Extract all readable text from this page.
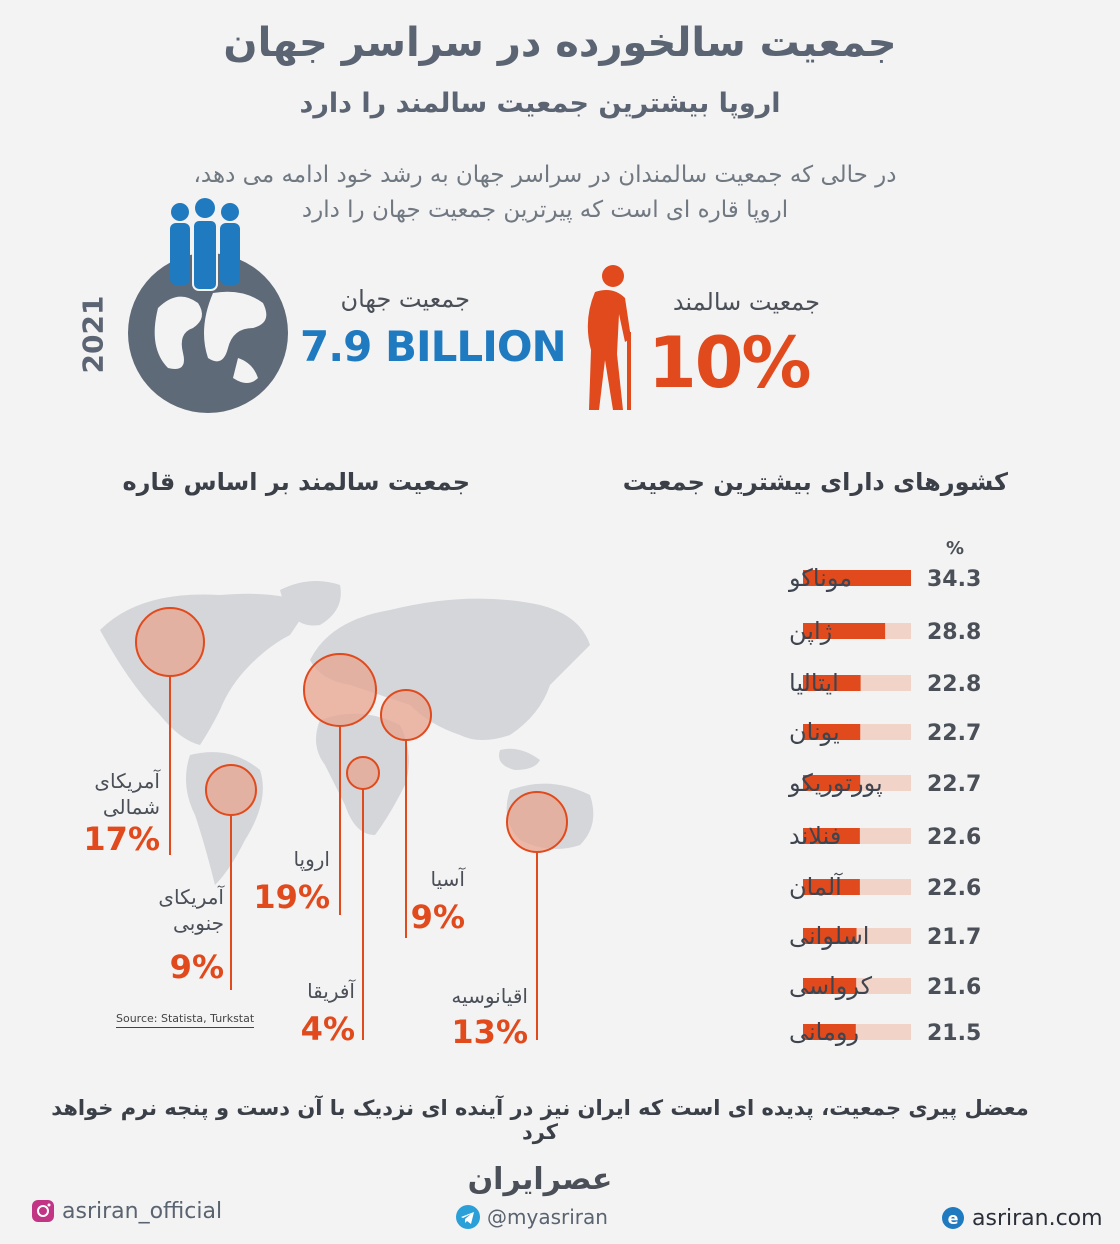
جمعیت سالخورده در سراسر جهان
اروپا بیشترین جمعیت سالمند را دارد
در حالی که جمعیت سالمندان در سراسر جهان به رشد خود ادامه می دهد،
اروپا قاره ای است که پیرترین جمعیت جهان را دارد
2021	جمعیت جهان
7.9 BILLION
جمعیت سالمند
10%
جمعیت سالمند بر اساس قاره	کشورهای دارای بیشترین جمعیت
آمریکای
شمالی
17%
آمریکای
جنوبی
9%
اروپا
19%
آفریقا
4%
آسیا
9%
اقیانوسیه
13%
Source: Statista, Turkstat
%
موناکو	34.3
ژاپن	28.8
ایتالیا	22.8
یونان	22.7
پورتوریکو 22.7
فنلاند	22.6
آلمان	22.6
اسلوانی	21.7
کرواسی 21.6
رومانی	21.5
معضل پیری جمعیت، پدیده ای است که ایران نیز در آینده ای نزدیک با آن دست و پنجه نرم خواهد کرد
عصرایران
asriran_official	@myasriran	e asriran.com
